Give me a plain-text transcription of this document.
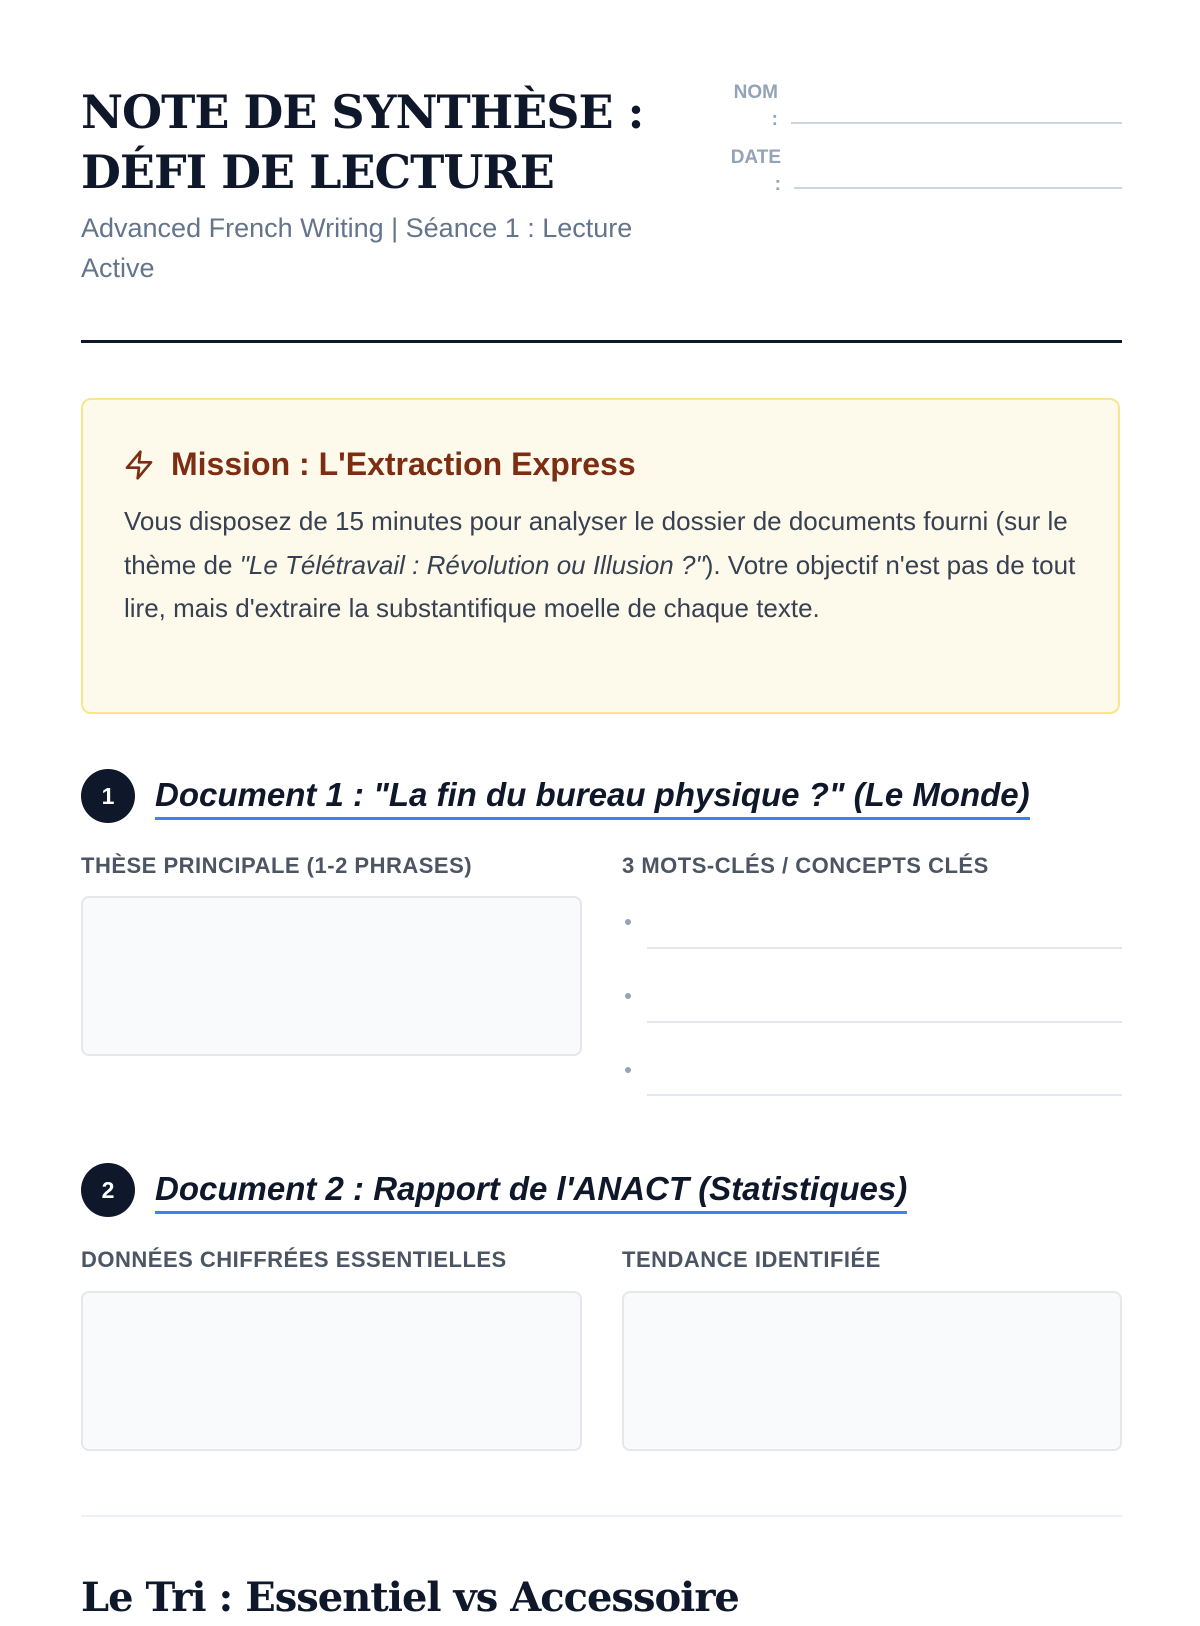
NOTE DE SYNTHÈSE : DÉFI DE LECTURE
Advanced French Writing | Séance 1 : Lecture Active
NOM
:
DATE
:
Mission : L'Extraction Express
Vous disposez de 15 minutes pour analyser le dossier de documents fourni (sur le thème de "Le Télétravail : Révolution ou Illusion ?"). Votre objectif n'est pas de tout lire, mais d'extraire la substantifique moelle de chaque texte.
1	Document 1 : "La fin du bureau physique ?" (Le Monde)
THÈSE PRINCIPALE (1-2 PHRASES)	3 MOTS-CLÉS / CONCEPTS CLÉS
2	Document 2 : Rapport de l'ANACT (Statistiques)
DONNÉES CHIFFRÉES ESSENTIELLES	TENDANCE IDENTIFIÉE
Le Tri : Essentiel vs Accessoire
